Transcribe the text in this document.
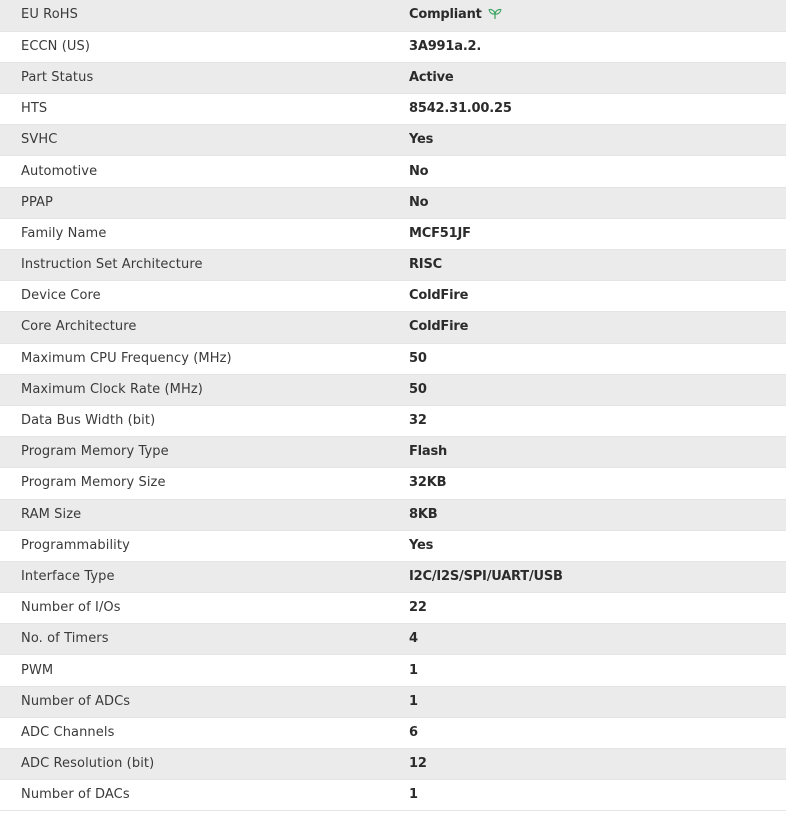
EU RoHS	Compliant
ECCN (US)	3A991a.2.
Part Status	Active
HTS	8542.31.00.25
SVHC	Yes
Automotive	No
PPAP	No
Family Name	MCF51JF
Instruction Set Architecture	RISC
Device Core	ColdFire
Core Architecture	ColdFire
Maximum CPU Frequency (MHz)	50
Maximum Clock Rate (MHz)	50
Data Bus Width (bit)	32
Program Memory Type	Flash
Program Memory Size	32KB
RAM Size	8KB
Programmability	Yes
Interface Type	I2C/I2S/SPI/UART/USB
Number of I/Os	22
No. of Timers	4
PWM	1
Number of ADCs	1
ADC Channels	6
ADC Resolution (bit)	12
Number of DACs	1
